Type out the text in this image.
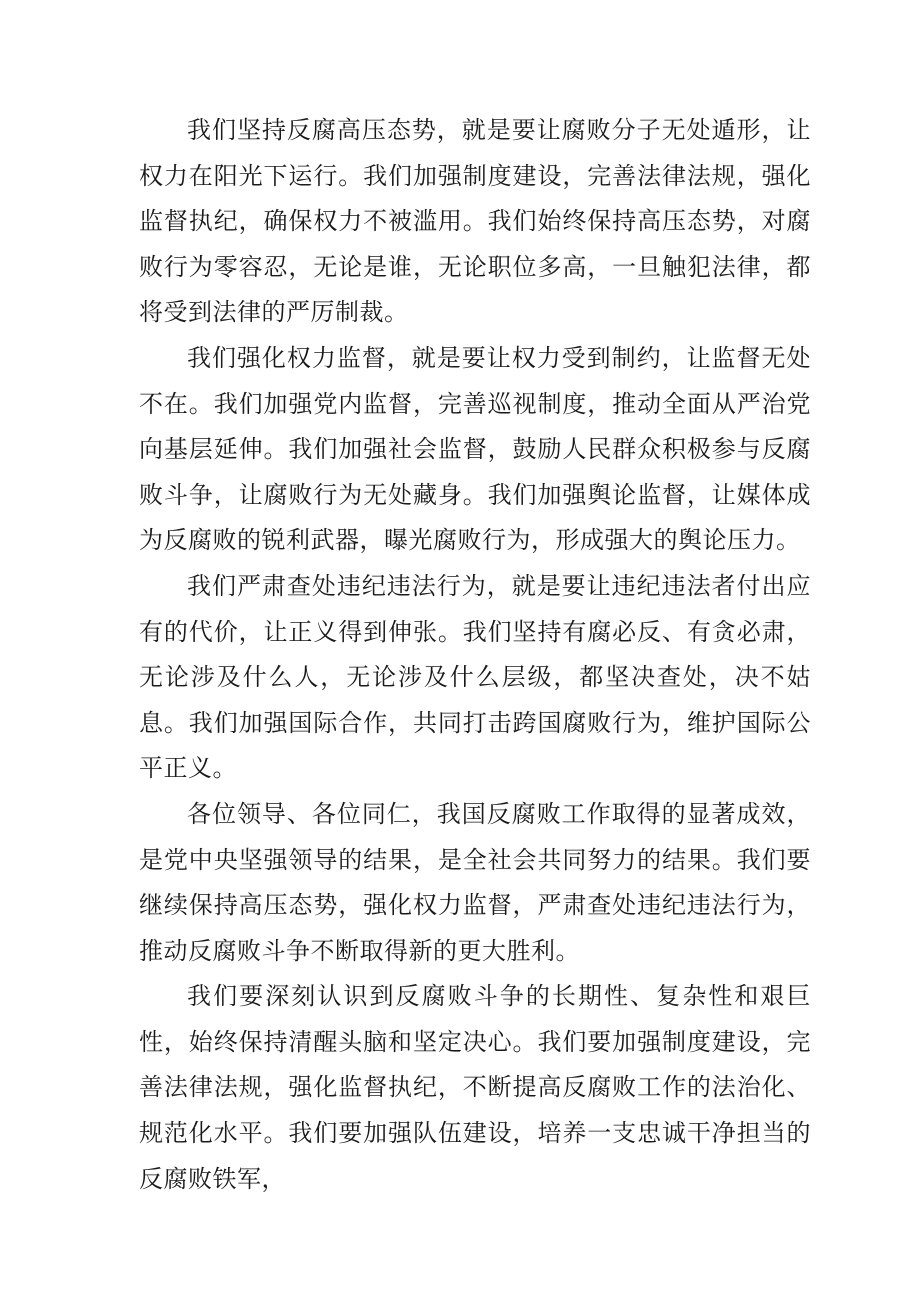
我们坚持反腐高压态势，就是要让腐败分子无处遁形，让权力在阳光下运行。我们加强制度建设，完善法律法规，强化监督执纪，确保权力不被滥用。我们始终保持高压态势，对腐败行为零容忍，无论是谁，无论职位多高，一旦触犯法律，都将受到法律的严厉制裁。

我们强化权力监督，就是要让权力受到制约，让监督无处不在。我们加强党内监督，完善巡视制度，推动全面从严治党向基层延伸。我们加强社会监督，鼓励人民群众积极参与反腐败斗争，让腐败行为无处藏身。我们加强舆论监督，让媒体成为反腐败的锐利武器，曝光腐败行为，形成强大的舆论压力。

我们严肃查处违纪违法行为，就是要让违纪违法者付出应有的代价，让正义得到伸张。我们坚持有腐必反、有贪必肃，无论涉及什么人，无论涉及什么层级，都坚决查处，决不姑息。我们加强国际合作，共同打击跨国腐败行为，维护国际公平正义。

各位领导、各位同仁，我国反腐败工作取得的显著成效，是党中央坚强领导的结果，是全社会共同努力的结果。我们要继续保持高压态势，强化权力监督，严肃查处违纪违法行为，推动反腐败斗争不断取得新的更大胜利。

我们要深刻认识到反腐败斗争的长期性、复杂性和艰巨性，始终保持清醒头脑和坚定决心。我们要加强制度建设，完善法律法规，强化监督执纪，不断提高反腐败工作的法治化、规范化水平。我们要加强队伍建设，培养一支忠诚干净担当的反腐败铁军，
